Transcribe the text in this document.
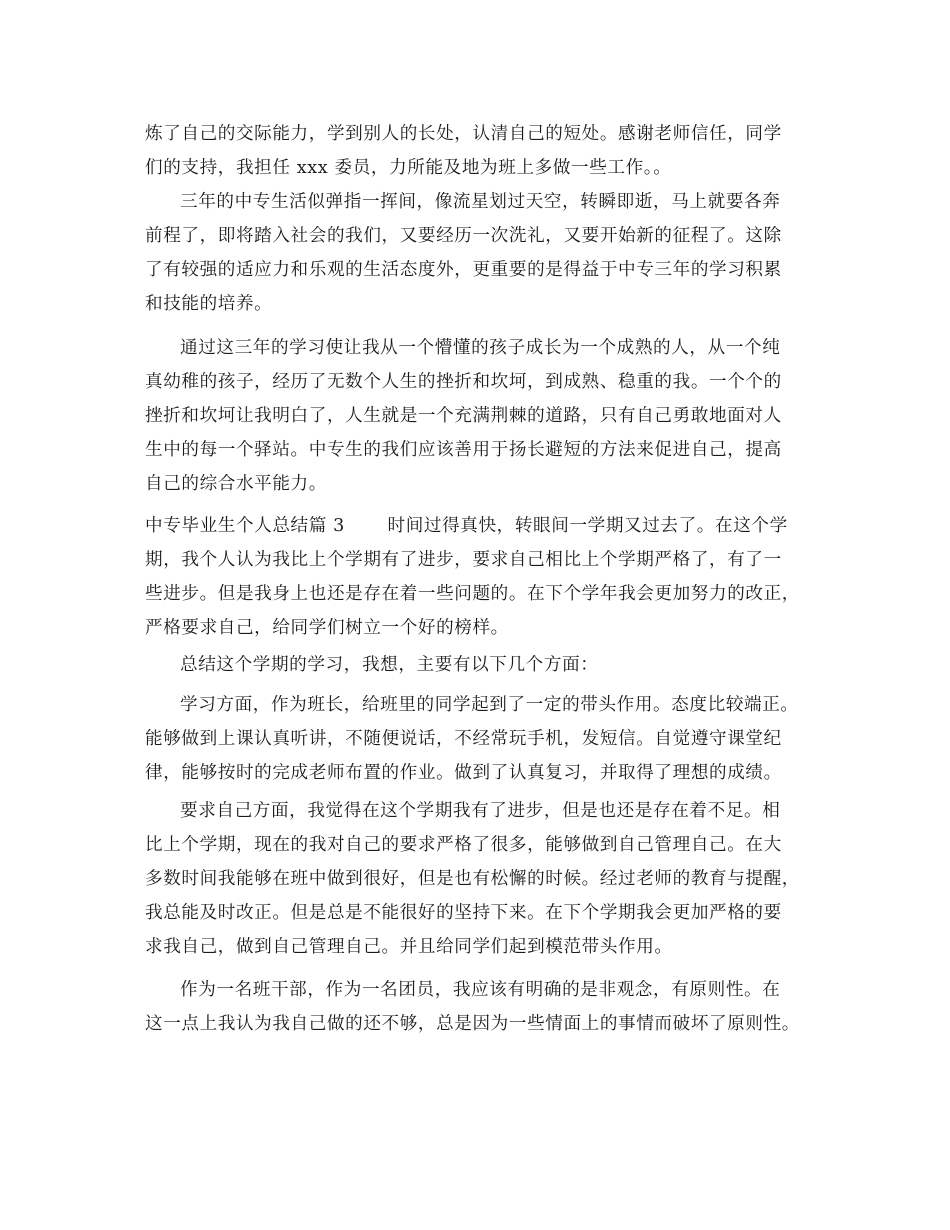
炼了自己的交际能力，学到别人的长处，认清自己的短处。感谢老师信任，同学
们的支持，我担任 xxx 委员，力所能及地为班上多做一些工作。。
三年的中专生活似弹指一挥间，像流星划过天空，转瞬即逝，马上就要各奔
前程了，即将踏入社会的我们，又要经历一次洗礼，又要开始新的征程了。这除
了有较强的适应力和乐观的生活态度外，更重要的是得益于中专三年的学习积累
和技能的培养。
通过这三年的学习使让我从一个懵懂的孩子成长为一个成熟的人，从一个纯
真幼稚的孩子，经历了无数个人生的挫折和坎坷，到成熟、稳重的我。一个个的
挫折和坎坷让我明白了，人生就是一个充满荆棘的道路，只有自己勇敢地面对人
生中的每一个驿站。中专生的我们应该善用于扬长避短的方法来促进自己，提高
自己的综合水平能力。
中专毕业生个人总结篇 3　　 时间过得真快，转眼间一学期又过去了。在这个学
期，我个人认为我比上个学期有了进步，要求自己相比上个学期严格了，有了一
些进步。但是我身上也还是存在着一些问题的。在下个学年我会更加努力的改正，
严格要求自己，给同学们树立一个好的榜样。
总结这个学期的学习，我想，主要有以下几个方面：
学习方面，作为班长，给班里的同学起到了一定的带头作用。态度比较端正。
能够做到上课认真听讲，不随便说话，不经常玩手机，发短信。自觉遵守课堂纪
律，能够按时的完成老师布置的作业。做到了认真复习，并取得了理想的成绩。
要求自己方面，我觉得在这个学期我有了进步，但是也还是存在着不足。相
比上个学期，现在的我对自己的要求严格了很多，能够做到自己管理自己。在大
多数时间我能够在班中做到很好，但是也有松懈的时候。经过老师的教育与提醒，
我总能及时改正。但是总是不能很好的坚持下来。在下个学期我会更加严格的要
求我自己，做到自己管理自己。并且给同学们起到模范带头作用。
作为一名班干部，作为一名团员，我应该有明确的是非观念，有原则性。在
这一点上我认为我自己做的还不够，总是因为一些情面上的事情而破坏了原则性。
